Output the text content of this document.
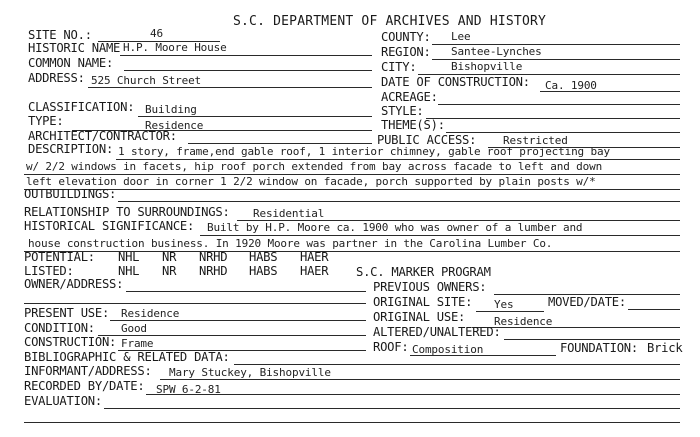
S.C. DEPARTMENT OF ARCHIVES AND HISTORY
SITE NO.:	46	COUNTY: Lee
HISTORIC NAME H.P. Moore House	REGION: Santee-Lynches
COMMON NAME:	CITY:	Bishopville
ADDRESS: 525 Church Street	DATE OF CONSTRUCTION: Ca. 1900
ACREAGE:
CLASSIFICATION: Building	STYLE:
TYPE:	Residence	THEME(S):
ARCHITECT/CONTRACTOR:	PUBLIC ACCESS: Restricted
DESCRIPTION: 1 story, frame,end gable roof, 1 interior chimney, gable roof projecting bay
w/ 2/2 windows in facets, hip roof porch extended from bay across facade to left and down
left elevation door in corner 1 2/2 window on facade, porch supported by plain posts w/*
OUTBUILDINGS:
RELATIONSHIP TO SURROUNDINGS: Residential
HISTORICAL SIGNIFICANCE: Built by H.P. Moore ca. 1900 who was owner of a lumber and
house construction business. In 1920 Moore was partner in the Carolina Lumber Co.
POTENTIAL: NHL NR NRHD HABS HAER
LISTED:	NHL NR NRHD HABS HAER S.C. MARKER PROGRAM
OWNER/ADDRESS:	PREVIOUS OWNERS:
ORIGINAL SITE: Yes	MOVED/DATE:
PRESENT USE: Residence	ORIGINAL USE:	Residence
CONDITION: Good	ALTERED/UNALTERED:
CONSTRUCTION: Frame	ROOF: Composition	FOUNDATION: Brick
BIBLIOGRAPHIC & RELATED DATA:
INFORMANT/ADDRESS: Mary Stuckey, Bishopville
RECORDED BY/DATE: SPW 6-2-81
EVALUATION:
